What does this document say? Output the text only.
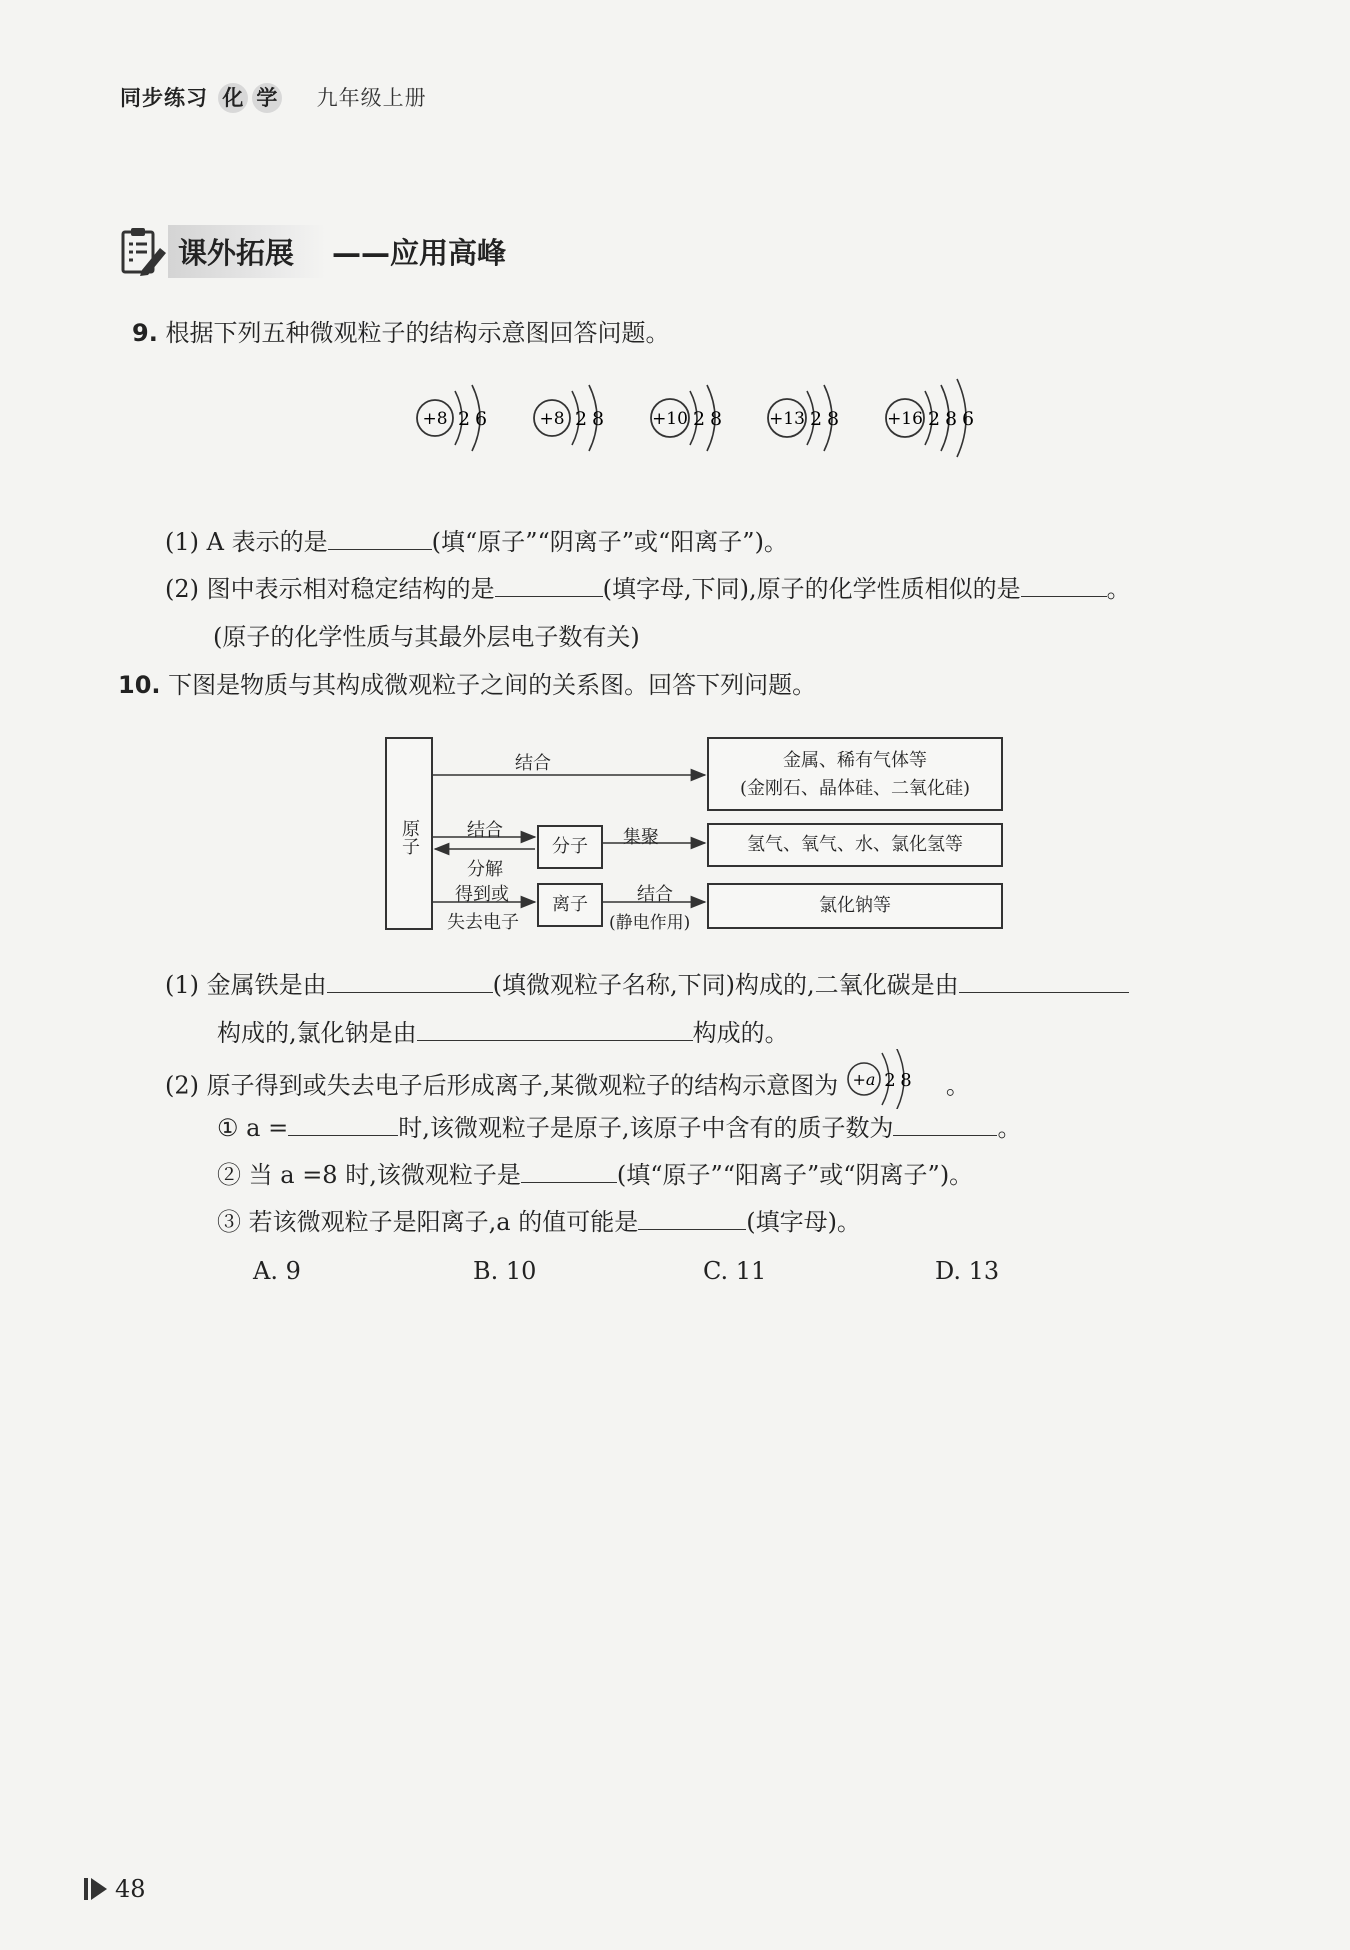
同步练习 化 学 九年级上册
课外拓展	——应用高峰
9. 根据下列五种微观粒子的结构示意图回答问题。
+8 2 6	+8 2 8	+10 2 8	+13 2 8	+16 2 8 6
(1) A 表示的是	(填“原子”“阴离子”或“阳离子”)。
(2) 图中表示相对稳定结构的是	(填字母,下同),原子的化学性质相似的是	。
(原子的化学性质与其最外层电子数有关)
10. 下图是物质与其构成微观粒子之间的关系图。回答下列问题。
原子
结合	金属、稀有气体等
(金刚石、晶体硅、二氧化硅)
结合
分子	集聚	氢气、氧气、水、氯化氢等
分解
得到或
失去电子
离子	结合
(静电作用)
氯化钠等
(1) 金属铁是由	(填微观粒子名称,下同)构成的,二氧化碳是由
构成的,氯化钠是由	构成的。
(2) 原子得到或失去电子后形成离子,某微观粒子的结构示意图为 +a 2 8 。
① a =	时,该微观粒子是原子,该原子中含有的质子数为	。
② 当 a =8 时,该微观粒子是	(填“原子”“阳离子”或“阴离子”)。
③ 若该微观粒子是阳离子,a 的值可能是	(填字母)。
A. 9	B. 10	C. 11	D. 13
48
